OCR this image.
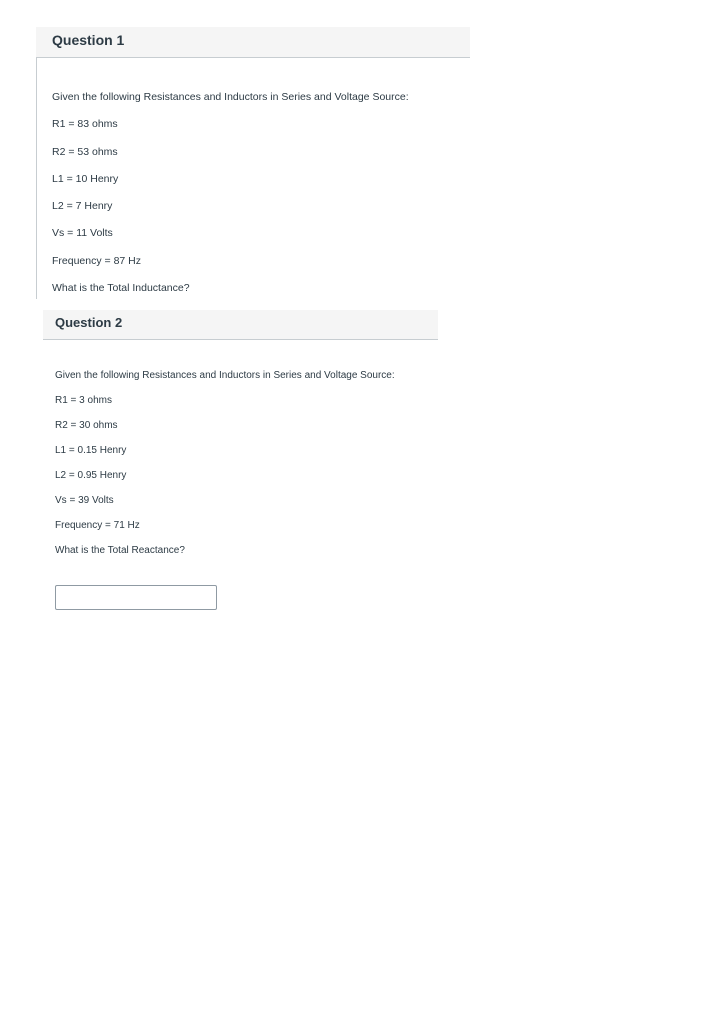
Question 1
Given the following Resistances and Inductors in Series and Voltage Source:
R1 = 83 ohms
R2 = 53 ohms
L1 = 10 Henry
L2 = 7 Henry
Vs = 11 Volts
Frequency = 87 Hz
What is the Total Inductance?
Question 2
Given the following Resistances and Inductors in Series and Voltage Source:
R1 = 3 ohms
R2 = 30 ohms
L1 = 0.15 Henry
L2 = 0.95 Henry
Vs = 39 Volts
Frequency = 71 Hz
What is the Total Reactance?
